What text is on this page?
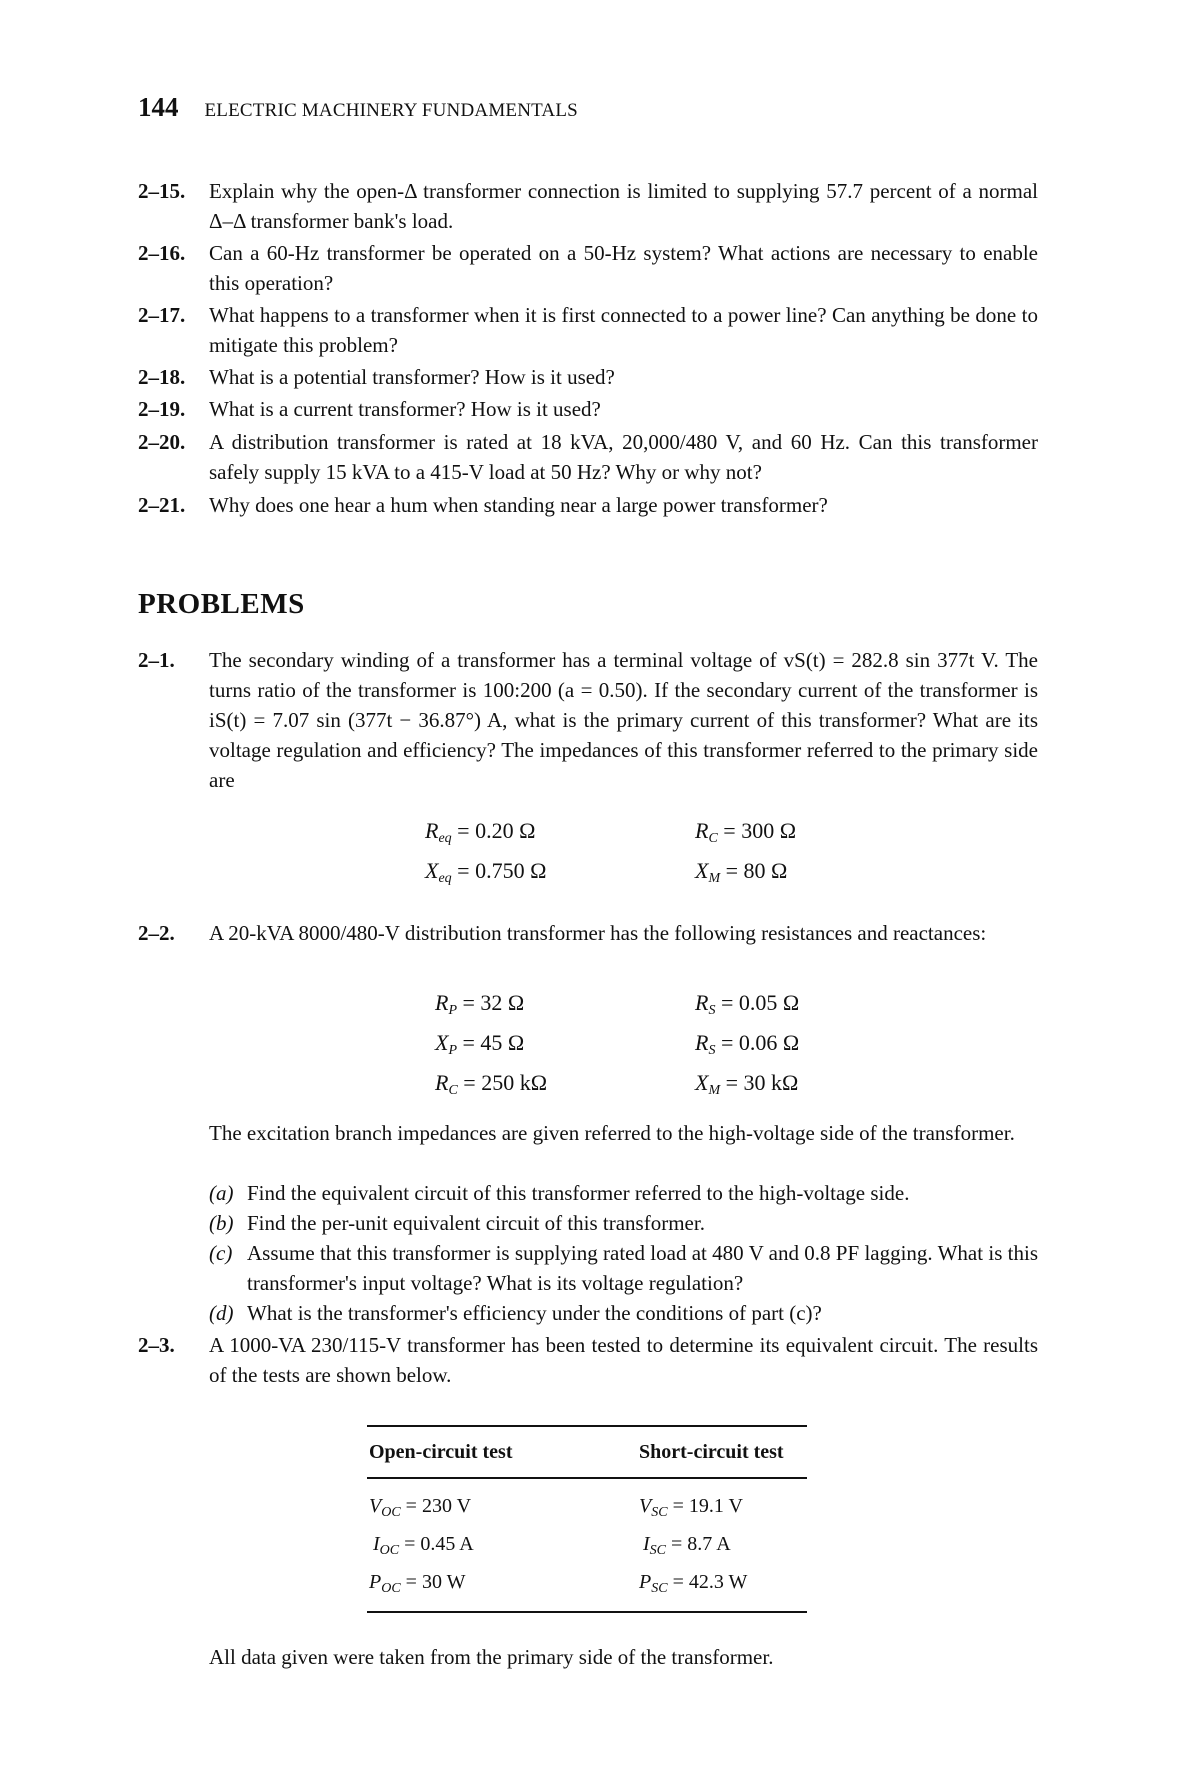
144 ELECTRIC MACHINERY FUNDAMENTALS
2–15.	Explain why the open-Δ transformer connection is limited to supplying 57.7 percent of a normal Δ–Δ transformer bank's load.
2–16.	Can a 60-Hz transformer be operated on a 50-Hz system? What actions are necessary to enable this operation?
2–17.	What happens to a transformer when it is first connected to a power line? Can anything be done to mitigate this problem?
2–18.	What is a potential transformer? How is it used?
2–19.	What is a current transformer? How is it used?
2–20.	A distribution transformer is rated at 18 kVA, 20,000/480 V, and 60 Hz. Can this transformer safely supply 15 kVA to a 415-V load at 50 Hz? Why or why not?
2–21.	Why does one hear a hum when standing near a large power transformer?
PROBLEMS
2–1.	The secondary winding of a transformer has a terminal voltage of vS(t) = 282.8 sin 377t V. The turns ratio of the transformer is 100:200 (a = 0.50). If the secondary current of the transformer is iS(t) = 7.07 sin (377t − 36.87°) A, what is the primary current of this transformer? What are its voltage regulation and efficiency? The impedances of this transformer referred to the primary side are
$R_{eq} = 0.20$ Ω	$R_C = 300$ Ω
$X_{eq} = 0.750$ Ω	$X_M = 80$ Ω
2–2.	A 20-kVA 8000/480-V distribution transformer has the following resistances and reactances:
$R_P = 32$ Ω	$R_S = 0.05$ Ω
$X_P = 45$ Ω	$R_S = 0.06$ Ω
$R_C = 250$ kΩ	$X_M = 30$ kΩ
The excitation branch impedances are given referred to the high-voltage side of the transformer.
(a) Find the equivalent circuit of this transformer referred to the high-voltage side.
(b) Find the per-unit equivalent circuit of this transformer.
(c) Assume that this transformer is supplying rated load at 480 V and 0.8 PF lagging. What is this transformer's input voltage? What is its voltage regulation?
(d) What is the transformer's efficiency under the conditions of part (c)?
2–3.	A 1000-VA 230/115-V transformer has been tested to determine its equivalent circuit. The results of the tests are shown below.
Open-circuit test	Short-circuit test
$V_{OC} = 230$ V	$V_{SC} = 19.1$ V
$I_{OC} = 0.45$ A	$I_{SC} = 8.7$ A
$P_{OC} = 30$ W	$P_{SC} = 42.3$ W
All data given were taken from the primary side of the transformer.
